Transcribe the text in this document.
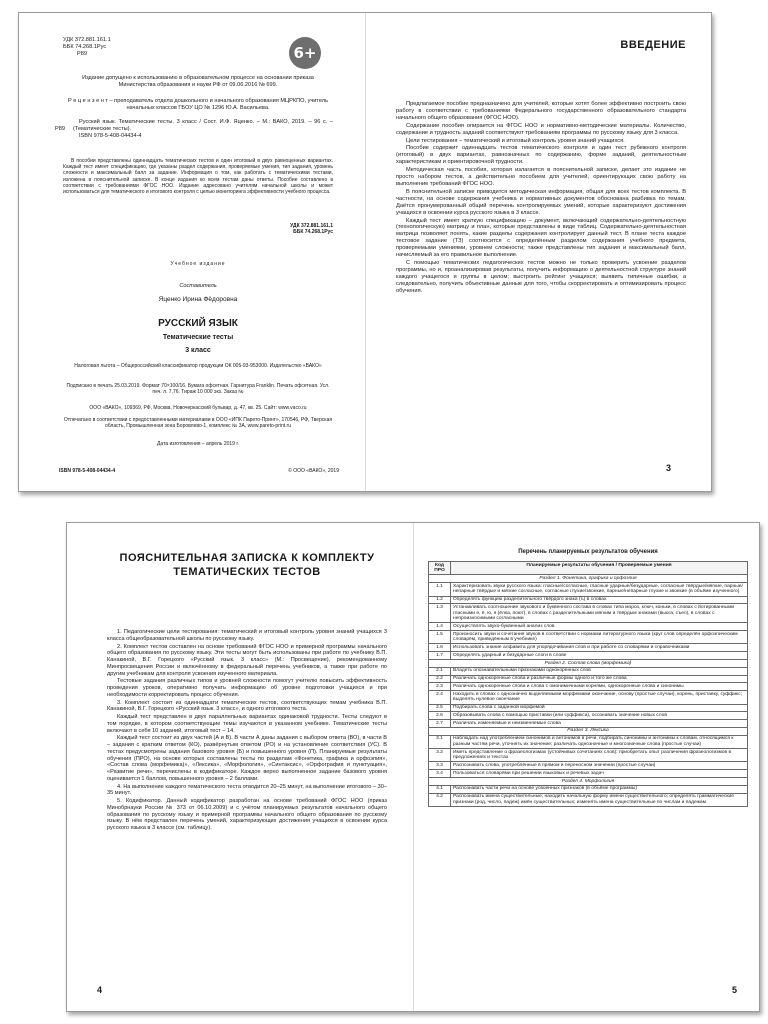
УДК 372.881.161.1
ББК 74.268.1Рус
Р89	6+
Издание допущено к использованию в образовательном процессе на основании приказа Министерства образования и науки РФ от 09.06.2016 № 699.
Р е ц е н з е н т – преподаватель отдела дошкольного и начального образования МЦРКПО, учитель начальных классов ГБОУ ЦО № 1296 Ю.А. Васильева.
Р89
Русский язык. Тематические тесты. 3 класс / Сост. И.Ф. Яценко. – М.: ВАКО, 2019. – 96 с. – (Тематические тесты).
ISBN 978-5-408-04434-4
В пособии представлены одиннадцать тематических тестов и один итоговый в двух равноценных вариантах. Каждый тест имеет спецификацию, где указаны раздел содержания, проверяемые умения, тип задания, уровень сложности и максимальный балл за задание. Информация о том, как работать с тематическими тестами, изложена в пояснительной записке. В конце издания ко всем тестам даны ответы. Пособие составлено в соответствии с требованиями ФГОС НОО. Издание адресовано учителям начальной школы и может использоваться для тематического и итогового контроля с целью мониторинга эффективности учебного процесса.
УДК 372.881.161.1
ББК 74.268.1Рус
Учебное издание
Составитель
Яценко Ирина Фёдоровна
РУССКИЙ ЯЗЫК
Тематические тесты
3 класс
Налоговая льгота – Общероссийский классификатор продукции ОК 005-93-953000. Издательство «ВАКО»
Подписано в печать 25.03.2019. Формат 70×100/16. Бумага офсетная. Гарнитура Franklin. Печать офсетная. Усл. печ. л. 7,76. Тираж 10 000 экз. Заказ №
ООО «ВАКО», 109369, РФ, Москва, Новочеркасский бульвар, д. 47, кв. 25. Сайт: www.vaco.ru
Отпечатано в соответствии с предоставленными материалами в ООО «ИПК Парето-Принт», 170546, РФ, Тверская область, Промышленная зона Боровлево-1, комплекс № 3А, www.pareto-print.ru
Дата изготовления – апрель 2019 г.
ISBN 978-5-408-04434-4	© ООО «ВАКО», 2019
ВВЕДЕНИЕ

Предлагаемое пособие предназначено для учителей, которые хотят более эффективно построить свою работу в соответствии с требованиями Федерального государственного образовательного стандарта начального общего образования (ФГОС НОО).

Содержание пособия опирается на ФГОС НОО и нормативно-методические материалы. Количество, содержание и трудность заданий соответствуют требованиям программы по русскому языку для 3 класса.

Цели тестирования – тематический и итоговый контроль уровня знаний учащихся.

Пособие содержит одиннадцать тестов тематического контроля и один тест рубежного контроля (итоговый) в двух вариантах, равнозначных по содержанию, форме заданий, деятельностным характеристикам и ориентировочной трудности.

Методическая часть пособия, которая излагается в пояснительной записке, делает это издание не просто набором тестов, а действительно пособием для учителей, ориентирующих свою работу на выполнение требований ФГОС НОО.

В пояснительной записке приводится методическая информация, общая для всех тестов комплекта. В частности, на основе содержания учебника и нормативных документов обоснована разбивка по темам. Даётся пронумерованный общий перечень контролируемых умений, которые характеризуют достижения учащихся в освоении курса русского языка в 3 классе.

Каждый тест имеет краткую спецификацию – документ, включающий содержательно-деятельностную (технологическую) матрицу и план, которые представлены в виде таблиц. Содержательно-деятельностная матрица позволяет понять, какие разделы содержания контролирует данный тест. В плане теста каждое тестовое задание (ТЗ) соотносится с определённым разделом содержания учебного предмета, проверяемыми умениями, уровнем сложности; также представлены тип задания и максимальный балл, начисляемый за его правильное выполнение.

С помощью тематических педагогических тестов можно не только проверить усвоение разделов программы, но и, проанализировав результаты, получить информацию о деятельностной структуре знаний каждого учащегося и группы в целом; выстроить рейтинг учащихся; выявить типичные ошибки, а следовательно, получить объективные данные для того, чтобы скорректировать и оптимизировать процесс обучения.

3
ПОЯСНИТЕЛЬНАЯ ЗАПИСКА К КОМПЛЕКТУ ТЕМАТИЧЕСКИХ ТЕСТОВ

1. Педагогические цели тестирования: тематический и итоговый контроль уровня знаний учащихся 3 класса общеобразовательной школы по русскому языку.

2. Комплект тестов составлен на основе требований ФГОС НОО и примерной программы начального общего образования по русскому языку. Эти тесты могут быть использованы при работе по учебнику В.П. Канакиной, В.Г. Горецкого «Русский язык. 3 класс» (М.: Просвещение), рекомендованному Минпросвещения России и включённому в федеральный перечень учебников, а также при работе по другим учебникам для контроля усвоения изученного материала.

Тестовые задания различных типов и уровней сложности помогут учителю повысить эффективность проведения уроков, оперативно получать информацию об уровне подготовки учащихся и при необходимости корректировать процесс обучения.

3. Комплект состоит из одиннадцати тематических тестов, соответствующих темам учебника В.П. Канакиной, В.Г. Горецкого «Русский язык. 3 класс», и одного итогового теста.

Каждый тест представлен в двух параллельных вариантах одинаковой трудности. Тесты следуют в том порядке, в котором соответствующие темы изучаются в указанном учебнике. Тематические тесты включают в себя 10 заданий, итоговый тест – 14.

Каждый тест состоит из двух частей (А и В). В части А даны задания с выбором ответа (ВО), в части В – задания с кратким ответом (КО), развёрнутым ответом (РО) и на установление соответствия (УС). В тестах предусмотрены задания базового уровня (Б) и повышенного уровня (П). Планируемые результаты обучения (ПРО), на основе которых составлены тесты по разделам «Фонетика, графика и орфоэпия», «Состав слова (морфемика)», «Лексика», «Морфология», «Синтаксис», «Орфография и пунктуация», «Развитие речи», перечислены в кодификаторе. Каждое верно выполненное задание базового уровня оценивается 1 баллом, повышенного уровня – 2 баллами.

4. На выполнение каждого тематического теста отводится 20–25 минут, на выполнение итогового – 30–35 минут.

5. Кодификатор. Данный кодификатор разработан на основе требований ФГОС НОО (приказ Минобрнауки России № 373 от 06.10.2009) и с учётом планируемых результатов начального общего образования по русскому языку и примерной программы начального общего образования по русскому языку. В нём представлен перечень умений, характеризующих достижения учащихся в освоении курса русского языка в 3 классе (см. таблицу).

4
Перечень планируемых результатов обучения
Код ПРО	Планируемые результаты обучения / Проверяемые умения
Раздел 1. Фонетика, графика и орфоэпия	
1.1	Характеризовать звуки русского языка: гласные/согласные, гласные ударные/безударные, согласные твёрдые/мягкие, парные/непарные твёрдые и мягкие согласные, согласные глухие/звонкие, парные/непарные глухие и звонкие (в объёме изученного)
1.2	Определять функцию разделительного твёрдого знака (ъ) в словах
1.3	Устанавливать соотношение звукового и буквенного состава в словах типа мороз, ключ, коньки, в словах с йотированными гласными е, ё, ю, я (ёлка, поют), в словах с разделительными мягким и твёрдым знаками (вьюга, съел), в словах с непроизносимыми согласными
1.4	Осуществлять звуко-буквенный анализ слов
1.5	Произносить звуки и сочетания звуков в соответствии с нормами литературного языка (круг слов определён орфоэпическим словарём, приведённым в учебнике)
1.6	Использовать знание алфавита для упорядочивания слов и при работе со словарями и справочниками
1.7	Определять ударный и безударные слоги в слове
Раздел 2. Состав слова (морфемика)	
2.1	Владеть опознавательными признаками однокоренных слов
2.2	Различать однокоренные слова и различные формы одного и того же слова
2.3	Различать однокоренные слова и слова с омонимичными корнями, однокоренные слова и синонимы
2.4	Находить в словах с однозначно выделяемыми морфемами окончание, основу (простые случаи), корень, приставку, суффикс; выделять нулевое окончание
2.5	Подбирать слова с заданной морфемой
2.6	Образовывать слова с помощью приставки (или суффикса), осознавать значение новых слов
2.7	Различать изменяемые и неизменяемые слова
Раздел 3. Лексика	
3.1	Наблюдать над употреблением синонимов и антонимов в речи, подбирать синонимы и антонимы к словам, относящимся к разным частям речи, уточнять их значение; различать однозначные и многозначные слова (простые случаи)
3.2	Иметь представление о фразеологизмах (устойчивых сочетаниях слов); приобретать опыт различения фразеологизмов в предложениях и текстах
3.3	Распознавать слова, употреблённые в прямом и переносном значении (простые случаи)
3.4	Пользоваться словарями при решении языковых и речевых задач
Раздел 4. Морфология	
4.1	Распознавать части речи на основе усвоенных признаков (в объёме программы)
4.2	Распознавать имена существительные; находить начальную форму имени существительного; определять грамматические признаки (род, число, падеж) имён существительных; изменять имена существительные по числам и падежам
5
